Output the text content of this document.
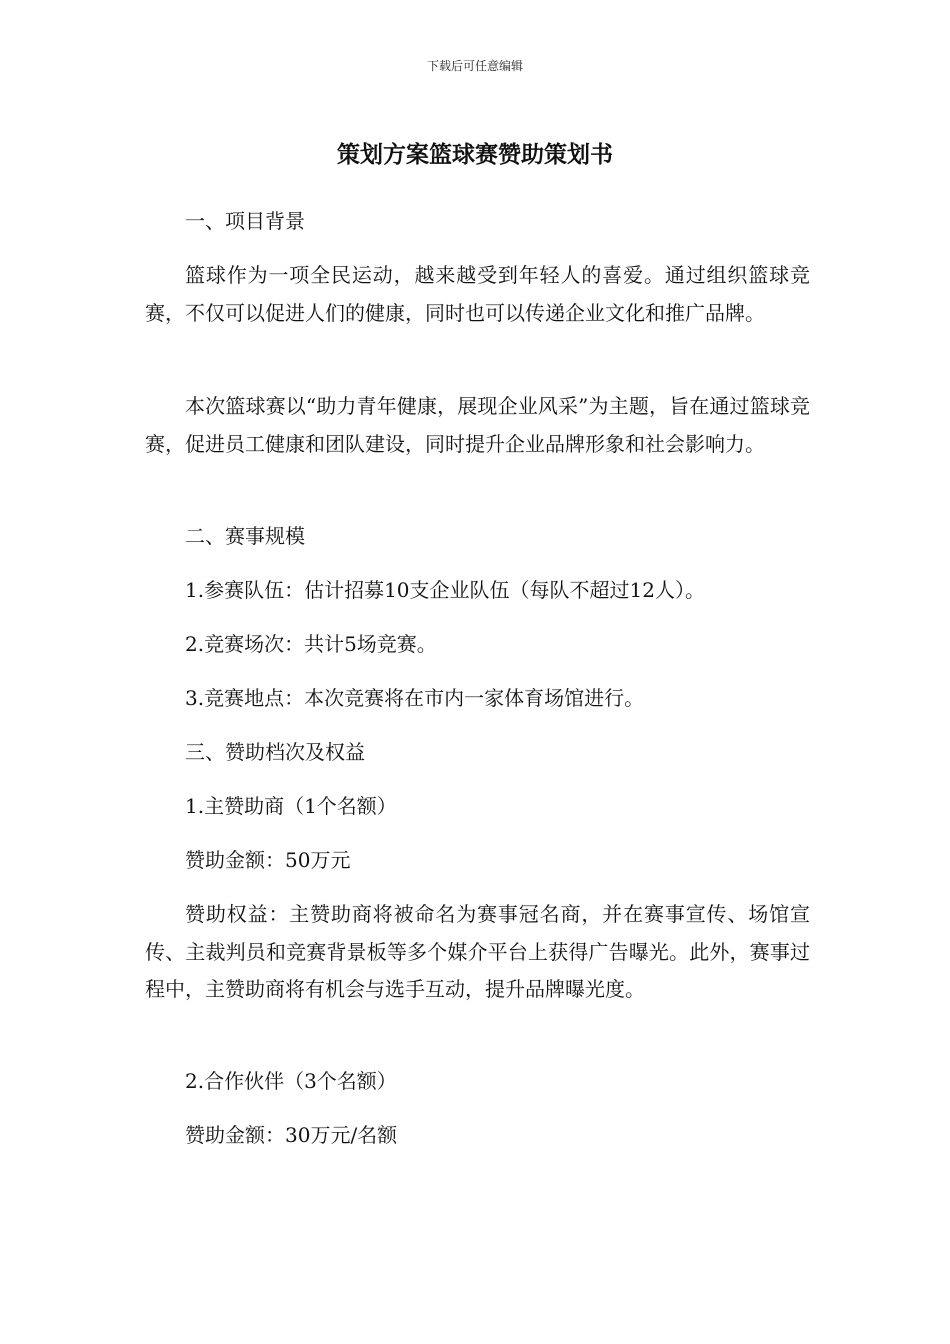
下载后可任意编辑
策划方案篮球赛赞助策划书

一、项目背景

篮球作为一项全民运动，越来越受到年轻人的喜爱。通过组织篮球竞赛，不仅可以促进人们的健康，同时也可以传递企业文化和推广品牌。

本次篮球赛以“助力青年健康，展现企业风采”为主题，旨在通过篮球竞赛，促进员工健康和团队建设，同时提升企业品牌形象和社会影响力。

二、赛事规模

1.参赛队伍：估计招募10支企业队伍（每队不超过12人）。

2.竞赛场次：共计5场竞赛。

3.竞赛地点：本次竞赛将在市内一家体育场馆进行。

三、赞助档次及权益

1.主赞助商（1个名额）

赞助金额：50万元

赞助权益：主赞助商将被命名为赛事冠名商，并在赛事宣传、场馆宣传、主裁判员和竞赛背景板等多个媒介平台上获得广告曝光。此外，赛事过程中，主赞助商将有机会与选手互动，提升品牌曝光度。

2.合作伙伴（3个名额）

赞助金额：30万元/名额
